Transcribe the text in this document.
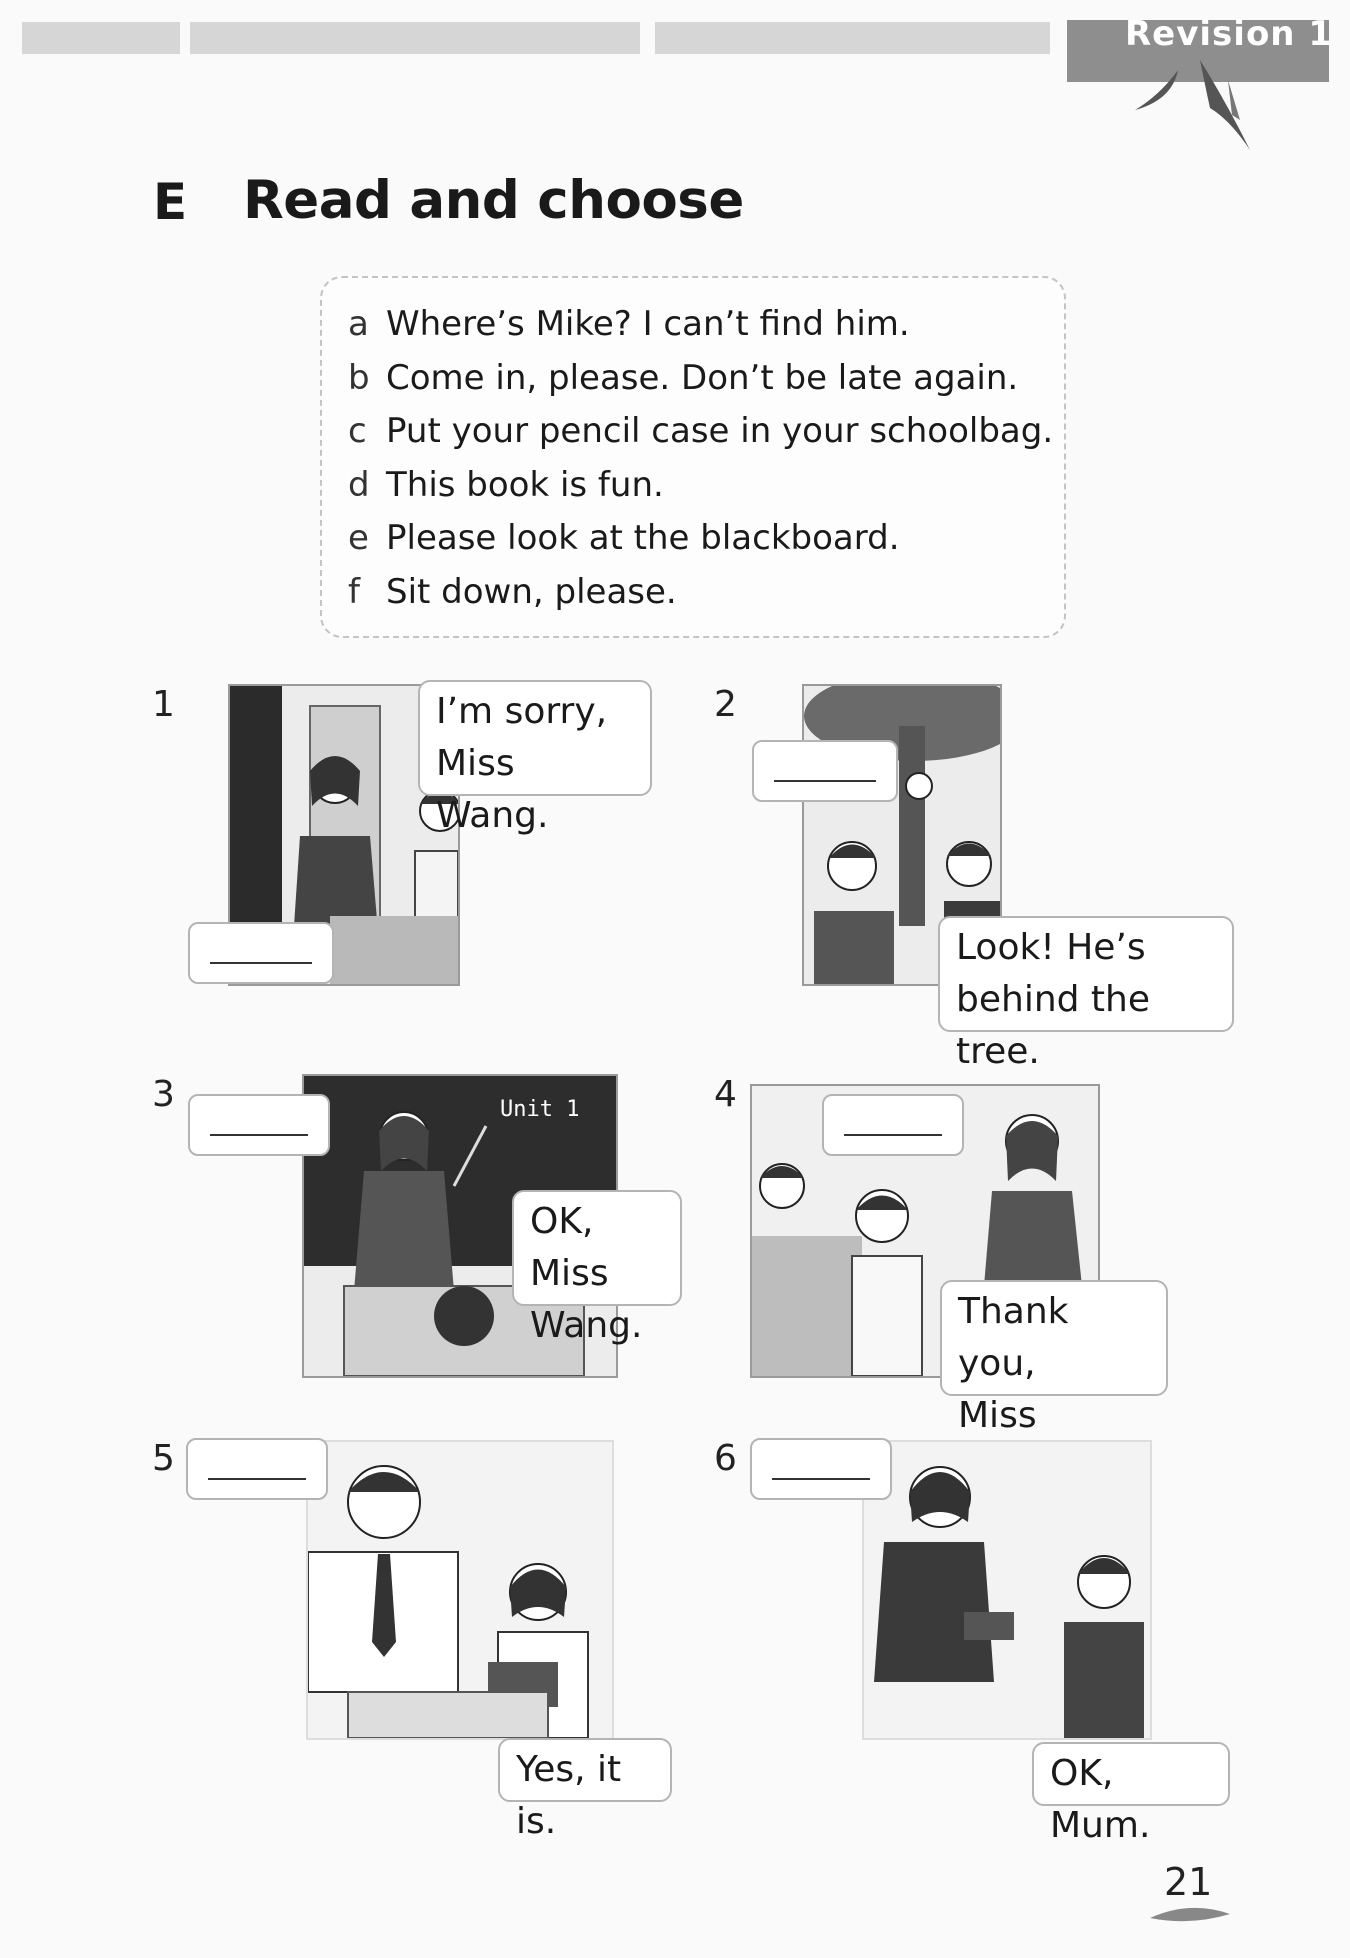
Revision 1
E Read and choose
a Where’s Mike? I can’t find him.
b Come in, please. Don’t be late again.
c Put your pencil case in your schoolbag.
d This book is fun.
e Please look at the blackboard.
f Sit down, please.
1	I’m sorry,
Miss Wang.
2
Look! He’s
behind the tree.
3	Unit 1
OK, Miss
Wang.
4
Thank you,
Miss
5
Yes, it is.
6
OK, Mum.
21
